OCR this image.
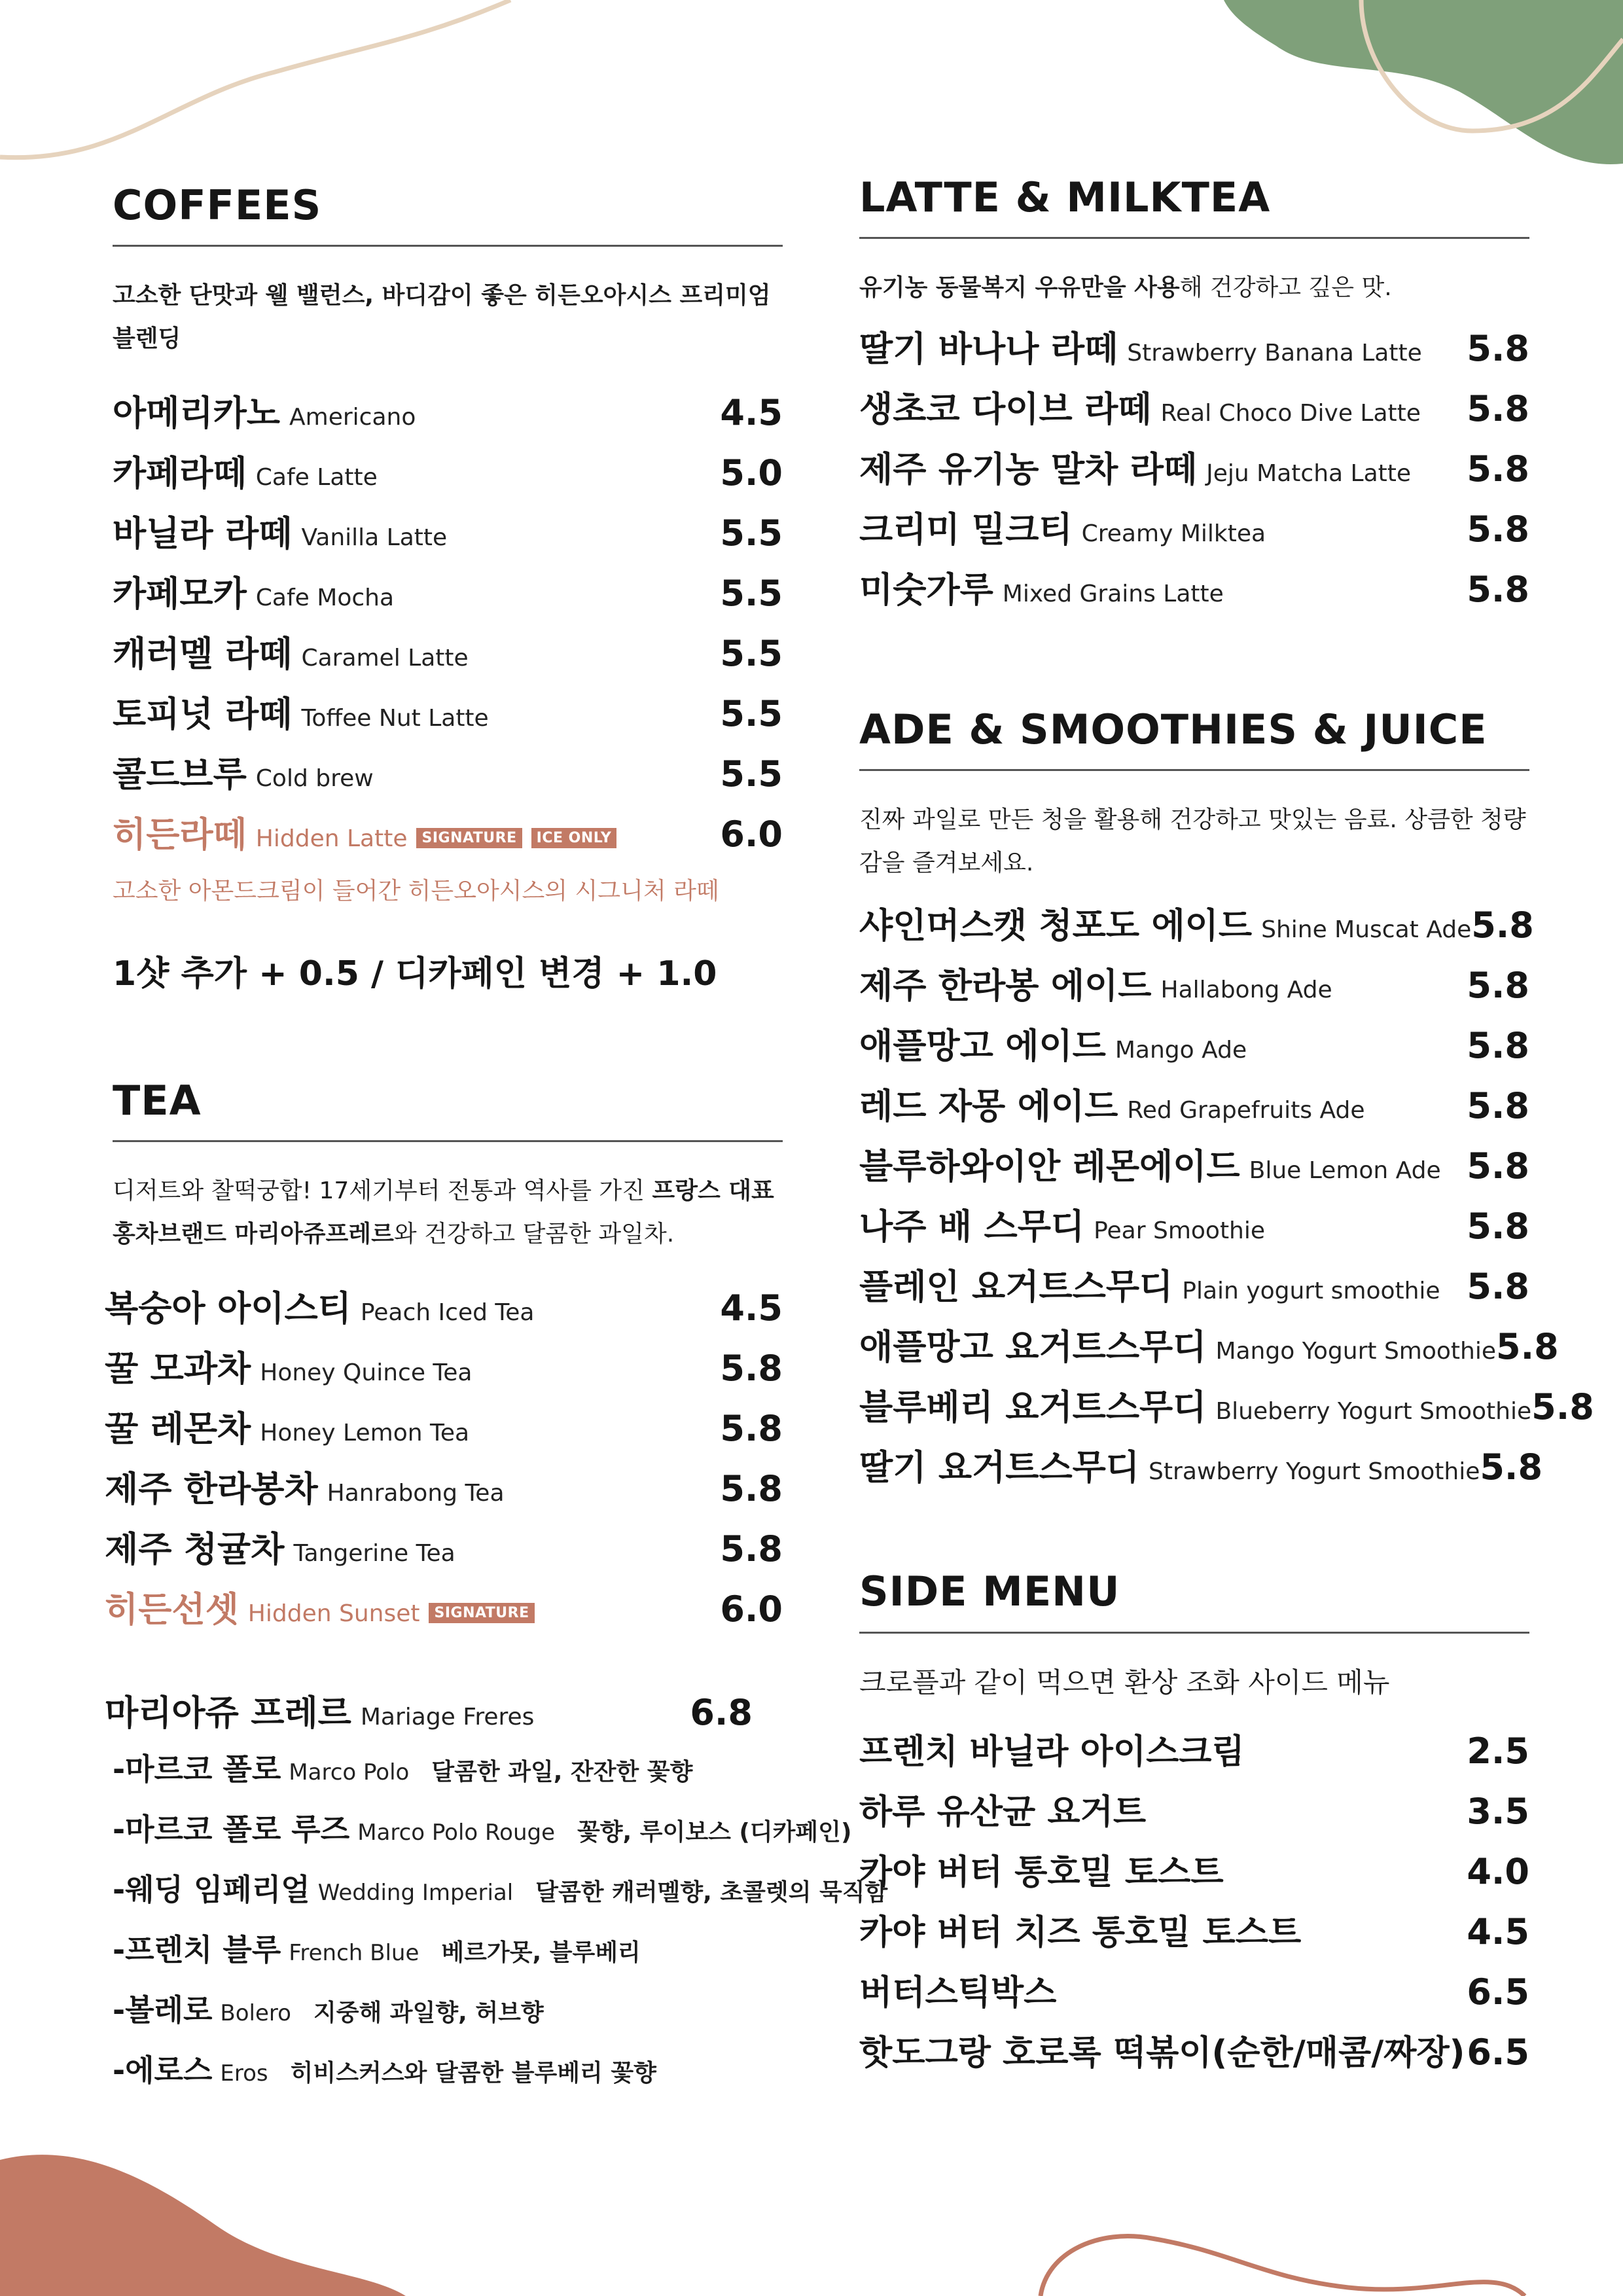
COFFEES

고소한 단맛과 웰 밸런스, 바디감이 좋은 히든오아시스 프리미엄 블렌딩

아메리카노 Americano	4.5
카페라떼 Cafe Latte	5.0
바닐라 라떼 Vanilla Latte	5.5
카페모카 Cafe Mocha	5.5
캐러멜 라떼 Caramel Latte	5.5
토피넛 라떼 Toffee Nut Latte	5.5
콜드브루 Cold brew	5.5
히든라떼 Hidden Latte	SIGNATURE	ICE ONLY	6.0

고소한 아몬드크림이 들어간 히든오아시스의 시그니처 라떼

1샷 추가 + 0.5 / 디카페인 변경 + 1.0

TEA

디저트와 찰떡궁합! 17세기부터 전통과 역사를 가진 프랑스 대표 홍차브랜드 마리아쥬프레르와 건강하고 달콤한 과일차.

복숭아 아이스티 Peach Iced Tea	4.5
꿀 모과차 Honey Quince Tea	5.8
꿀 레몬차 Honey Lemon Tea	5.8
제주 한라봉차 Hanrabong Tea	5.8
제주 청귤차 Tangerine Tea	5.8
히든선셋 Hidden Sunset	SIGNATURE	6.0
마리아쥬 프레르 Mariage Freres	6.8
-마르코 폴로 Marco Polo 달콤한 과일, 잔잔한 꽃향
-마르코 폴로 루즈 Marco Polo Rouge 꽃향, 루이보스 (디카페인)
-웨딩 임페리얼 Wedding Imperial 달콤한 캐러멜향, 초콜렛의 묵직함
-프렌치 블루 French Blue 베르가못, 블루베리
-볼레로 Bolero 지중해 과일향, 허브향
-에로스 Eros 히비스커스와 달콤한 블루베리 꽃향
LATTE & MILKTEA

유기농 동물복지 우유만을 사용해 건강하고 깊은 맛.

딸기 바나나 라떼 Strawberry Banana Latte 5.8
생초코 다이브 라떼 Real Choco Dive Latte 5.8
제주 유기농 말차 라떼 Jeju Matcha Latte 5.8
크리미 밀크티 Creamy Milktea	5.8
미숫가루 Mixed Grains Latte	5.8
ADE & SMOOTHIES & JUICE

진짜 과일로 만든 청을 활용해 건강하고 맛있는 음료. 상큼한 청량감을 즐겨보세요.

샤인머스캣 청포도 에이드 Shine Muscat Ade 5.8
제주 한라봉 에이드 Hallabong Ade	5.8
애플망고 에이드 Mango Ade	5.8
레드 자몽 에이드 Red Grapefruits Ade	5.8
블루하와이안 레몬에이드 Blue Lemon Ade 5.8
나주 배 스무디 Pear Smoothie	5.8
플레인 요거트스무디 Plain yogurt smoothie 5.8
애플망고 요거트스무디 Mango Yogurt Smoothie 5.8
블루베리 요거트스무디 Blueberry Yogurt Smoothie 5.8
딸기 요거트스무디 Strawberry Yogurt Smoothie 5.8
SIDE MENU

크로플과 같이 먹으면 환상 조화 사이드 메뉴

프렌치 바닐라 아이스크림	2.5
하루 유산균 요거트	3.5
카야 버터 통호밀 토스트	4.0
카야 버터 치즈 통호밀 토스트	4.5
버터스틱박스	6.5
핫도그랑 호로록 떡볶이(순한/매콤/짜장) 6.5
